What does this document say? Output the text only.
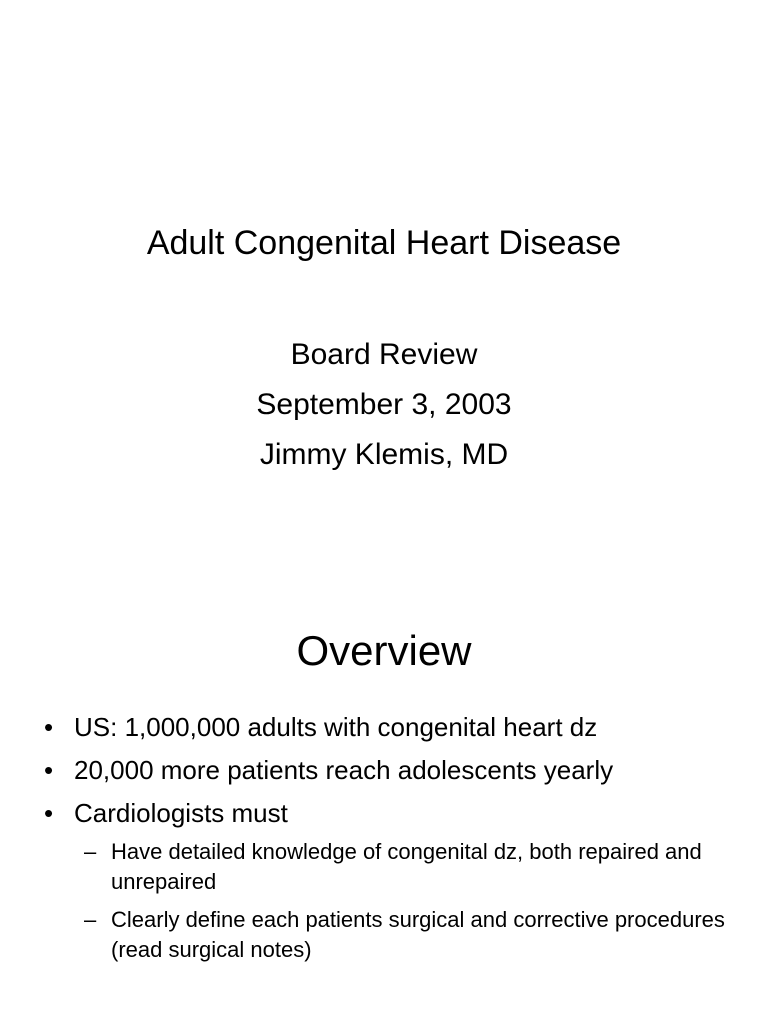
Adult Congenital Heart Disease
Board Review
September 3, 2003
Jimmy Klemis, MD
Overview
• US: 1,000,000 adults with congenital heart dz
• 20,000 more patients reach adolescents yearly
• Cardiologists must
– Have detailed knowledge of congenital dz, both repaired and unrepaired
– Clearly define each patients surgical and corrective procedures (read surgical notes)
